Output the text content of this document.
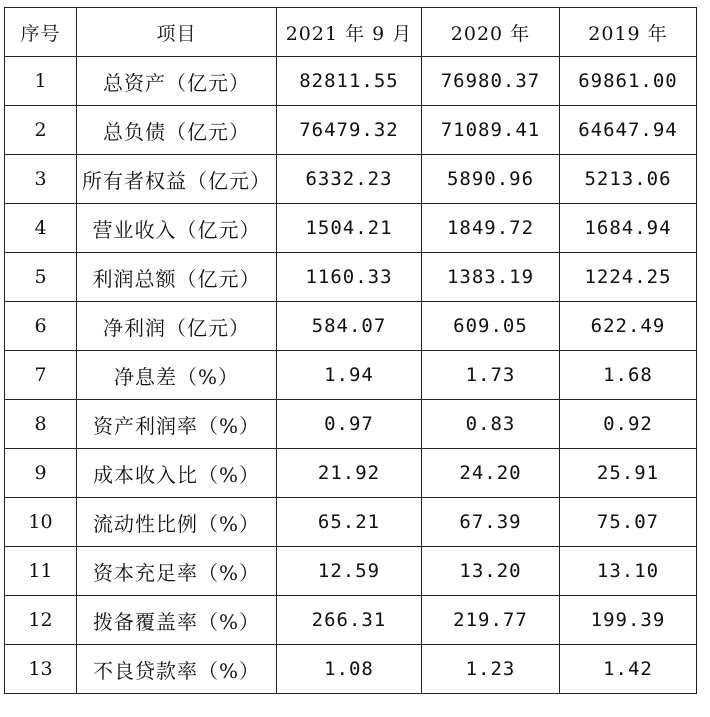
序号	项目	2021 年 9 月	2020 年	2019 年
1	总资产（亿元）	82811.55	76980.37	69861.00
2	总负债（亿元）	76479.32	71089.41	64647.94
3	所有者权益（亿元）	6332.23	5890.96	5213.06
4	营业收入（亿元）	1504.21	1849.72	1684.94
5	利润总额（亿元）	1160.33	1383.19	1224.25
6	净利润（亿元）	584.07	609.05	622.49
7	净息差（%）	1.94	1.73	1.68
8	资产利润率（%）	0.97	0.83	0.92
9	成本收入比（%）	21.92	24.20	25.91
10	流动性比例（%）	65.21	67.39	75.07
11	资本充足率（%）	12.59	13.20	13.10
12	拨备覆盖率（%）	266.31	219.77	199.39
13	不良贷款率（%）	1.08	1.23	1.42
